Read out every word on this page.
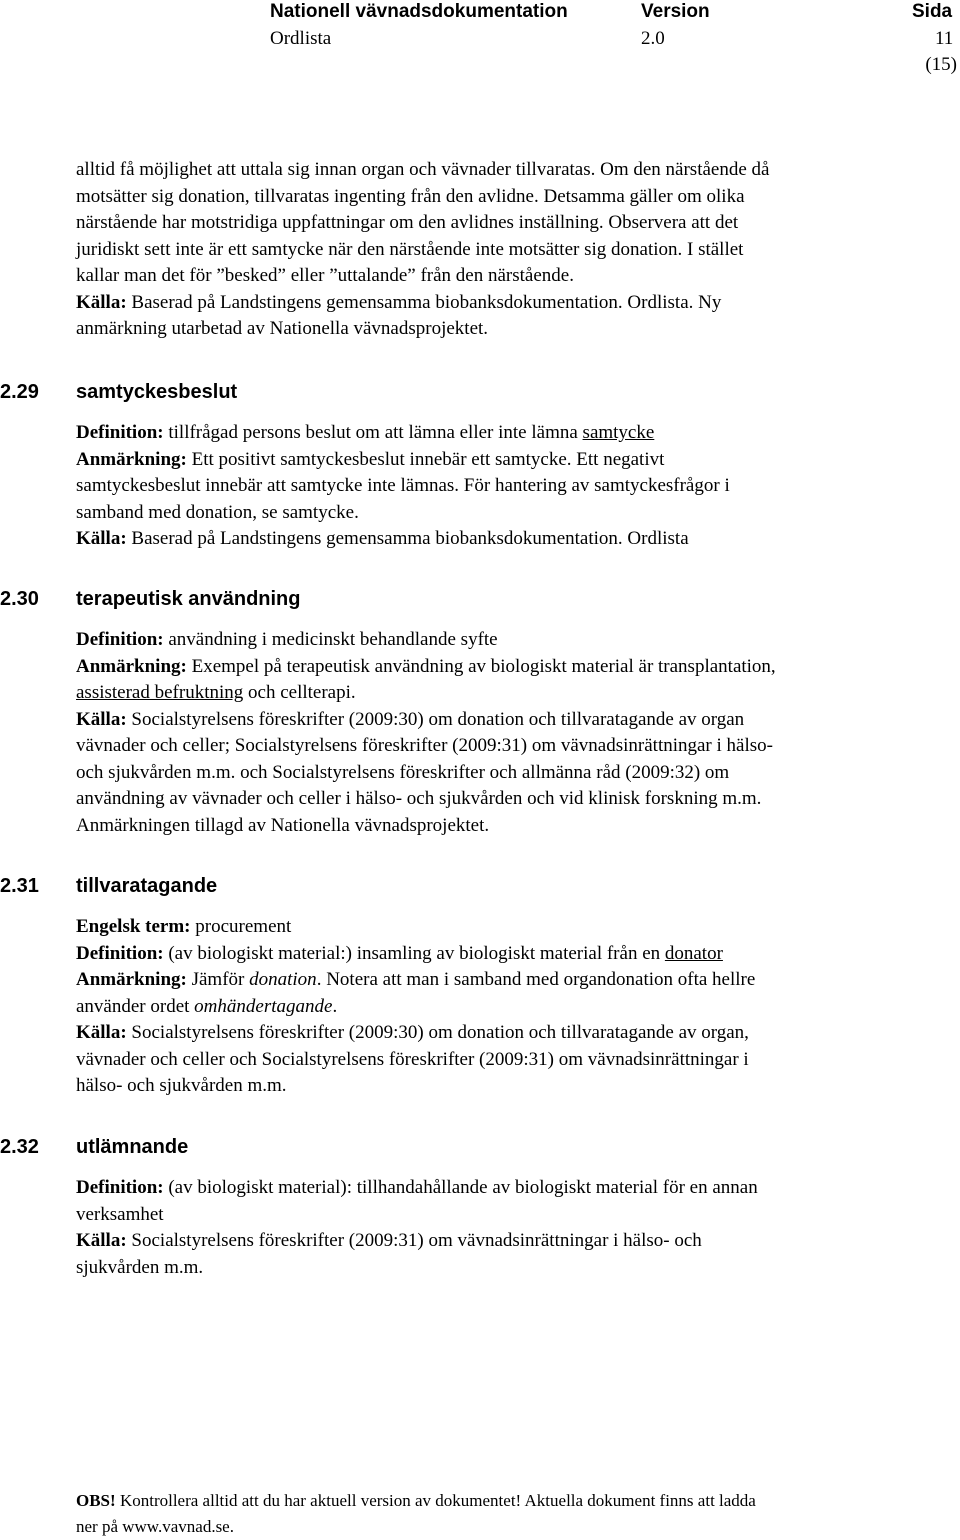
Nationell vävnadsdokumentation
Ordlista
Version
2.0
Sida
11
(15)
alltid få möjlighet att uttala sig innan organ och vävnader tillvaratas. Om den närstående då
motsätter sig donation, tillvaratas ingenting från den avlidne. Detsamma gäller om olika
närstående har motstridiga uppfattningar om den avlidnes inställning. Observera att det
juridiskt sett inte är ett samtycke när den närstående inte motsätter sig donation. I stället
kallar man det för ”besked” eller ”uttalande” från den närstående.
Källa: Baserad på Landstingens gemensamma biobanksdokumentation. Ordlista. Ny
anmärkning utarbetad av Nationella vävnadsprojektet.
2.29 samtyckesbeslut
Definition: tillfrågad persons beslut om att lämna eller inte lämna samtycke
Anmärkning: Ett positivt samtyckesbeslut innebär ett samtycke. Ett negativt
samtyckesbeslut innebär att samtycke inte lämnas. För hantering av samtyckesfrågor i
samband med donation, se samtycke.
Källa: Baserad på Landstingens gemensamma biobanksdokumentation. Ordlista
2.30 terapeutisk användning
Definition: användning i medicinskt behandlande syfte
Anmärkning: Exempel på terapeutisk användning av biologiskt material är transplantation,
assisterad befruktning och cellterapi.
Källa: Socialstyrelsens föreskrifter (2009:30) om donation och tillvaratagande av organ
vävnader och celler; Socialstyrelsens föreskrifter (2009:31) om vävnadsinrättningar i hälso-
och sjukvården m.m. och Socialstyrelsens föreskrifter och allmänna råd (2009:32) om
användning av vävnader och celler i hälso- och sjukvården och vid klinisk forskning m.m.
Anmärkningen tillagd av Nationella vävnadsprojektet.
2.31 tillvaratagande
Engelsk term: procurement
Definition: (av biologiskt material:) insamling av biologiskt material från en donator
Anmärkning: Jämför donation. Notera att man i samband med organdonation ofta hellre
använder ordet omhändertagande.
Källa: Socialstyrelsens föreskrifter (2009:30) om donation och tillvaratagande av organ,
vävnader och celler och Socialstyrelsens föreskrifter (2009:31) om vävnadsinrättningar i
hälso- och sjukvården m.m.
2.32 utlämnande
Definition: (av biologiskt material): tillhandahållande av biologiskt material för en annan
verksamhet
Källa: Socialstyrelsens föreskrifter (2009:31) om vävnadsinrättningar i hälso- och
sjukvården m.m.
OBS! Kontrollera alltid att du har aktuell version av dokumentet! Aktuella dokument finns att ladda
ner på www.vavnad.se.
